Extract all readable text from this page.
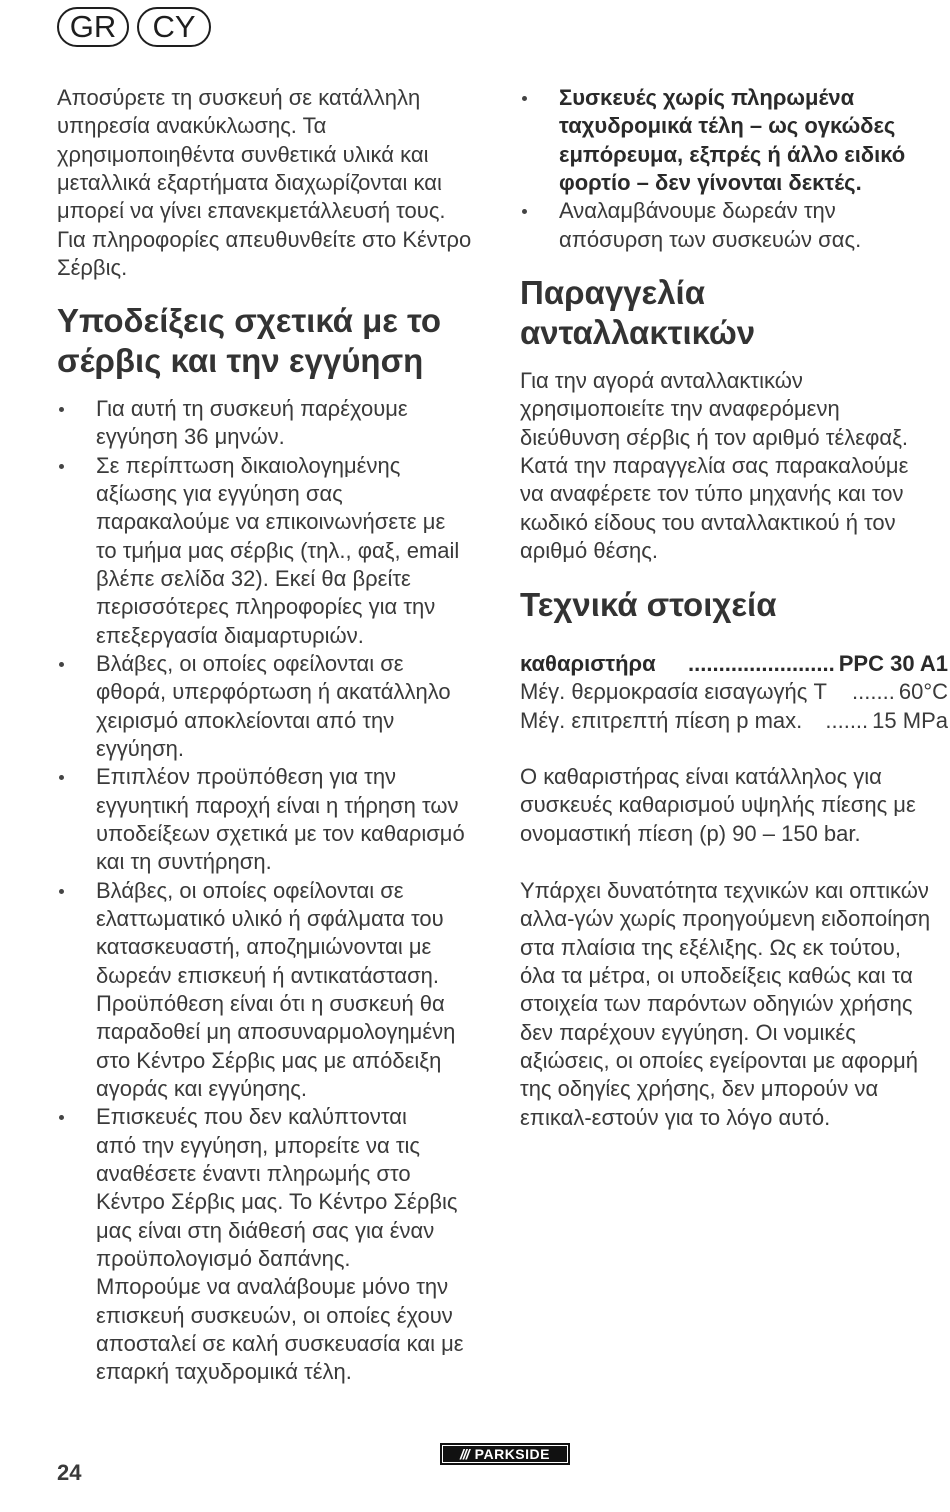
GR	CY
Αποσύρετε τη συσκευή σε κατάλληλη
υπηρεσία ανακύκλωσης. Τα
χρησιμοποιηθέντα συνθετικά υλικά και
μεταλλικά εξαρτήματα διαχωρίζονται και
μπορεί να γίνει επανεκμετάλλευσή τους.
Για πληροφορίες απευθυνθείτε στο Κέντρο
Σέρβις.
Υποδείξεις σχετικά με το
σέρβις και την εγγύηση
Για αυτή τη συσκευή παρέχουμε
εγγύηση 36 μηνών.
Σε περίπτωση δικαιολογημένης
αξίωσης για εγγύηση σας
παρακαλούμε να επικοινωνήσετε με
το τμήμα μας σέρβις (τηλ., φαξ, email
βλέπε σελίδα 32). Εκεί θα βρείτε
περισσότερες πληροφορίες για την
επεξεργασία διαμαρτυριών.
Βλάβες, οι οποίες οφείλονται σε
φθορά, υπερφόρτωση ή ακατάλληλο
χειρισμό αποκλείονται από την
εγγύηση.
Επιπλέον προϋπόθεση για την
εγγυητική παροχή είναι η τήρηση των
υποδείξεων σχετικά με τον καθαρισμό
και τη συντήρηση.
Βλάβες, οι οποίες οφείλονται σε
ελαττωματικό υλικό ή σφάλματα του
κατασκευαστή, αποζημιώνονται με
δωρεάν επισκευή ή αντικατάσταση.
Προϋπόθεση είναι ότι η συσκευή θα
παραδοθεί μη αποσυναρμολογημένη
στο Κέντρο Σέρβις μας με απόδειξη
αγοράς και εγγύησης.
Επισκευές που δεν καλύπτονται
από την εγγύηση, μπορείτε να τις
αναθέσετε έναντι πληρωμής στο
Κέντρο Σέρβις μας. Το Κέντρο Σέρβις
μας είναι στη διάθεσή σας για έναν
προϋπολογισμό δαπάνης.
Μπορούμε να αναλάβουμε μόνο την
επισκευή συσκευών, οι οποίες έχουν
αποσταλεί σε καλή συσκευασία και με
επαρκή ταχυδρομικά τέλη.
Συσκευές χωρίς πληρωμένα
ταχυδρομικά τέλη – ως ογκώδες
εμπόρευμα, εξπρές ή άλλο ειδικό
φορτίο – δεν γίνονται δεκτές.
Αναλαμβάνουμε δωρεάν την
απόσυρση των συσκευών σας.
Παραγγελία
ανταλλακτικών
Για την αγορά ανταλλακτικών
χρησιμοποιείτε την αναφερόμενη
διεύθυνση σέρβις ή τον αριθμό τέλεφαξ.
Κατά την παραγγελία σας παρακαλούμε
να αναφέρετε τον τύπο μηχανής και τον
κωδικό είδους του ανταλλακτικού ή τον
αριθμό θέσης.
Τεχνικά στοιχεία
καθαριστήρα	........................ PPC 30 A1
Μέγ. θερμοκρασία εισαγωγής T	....... 60°C
Μέγ. επιτρεπτή πίεση p max.	....... 15 MPa
Ο καθαριστήρας είναι κατάλληλος για
συσκευές καθαρισμού υψηλής πίεσης με
ονομαστική πίεση (p) 90 – 150 bar.
Υπάρχει δυνατότητα τεχνικών και οπτικών
αλλα-γών χωρίς προηγούμενη ειδοποίηση
στα πλαίσια της εξέλιξης. Ως εκ τούτου,
όλα τα μέτρα, οι υποδείξεις καθώς και τα
στοιχεία των παρόντων οδηγιών χρήσης
δεν παρέχουν εγγύηση. Οι νομικές
αξιώσεις, οι οποίες εγείρονται με αφορμή
της οδηγίες χρήσης, δεν μπορούν να
επικαλ-εστούν για το λόγο αυτό.
24
/// PARKSIDE
